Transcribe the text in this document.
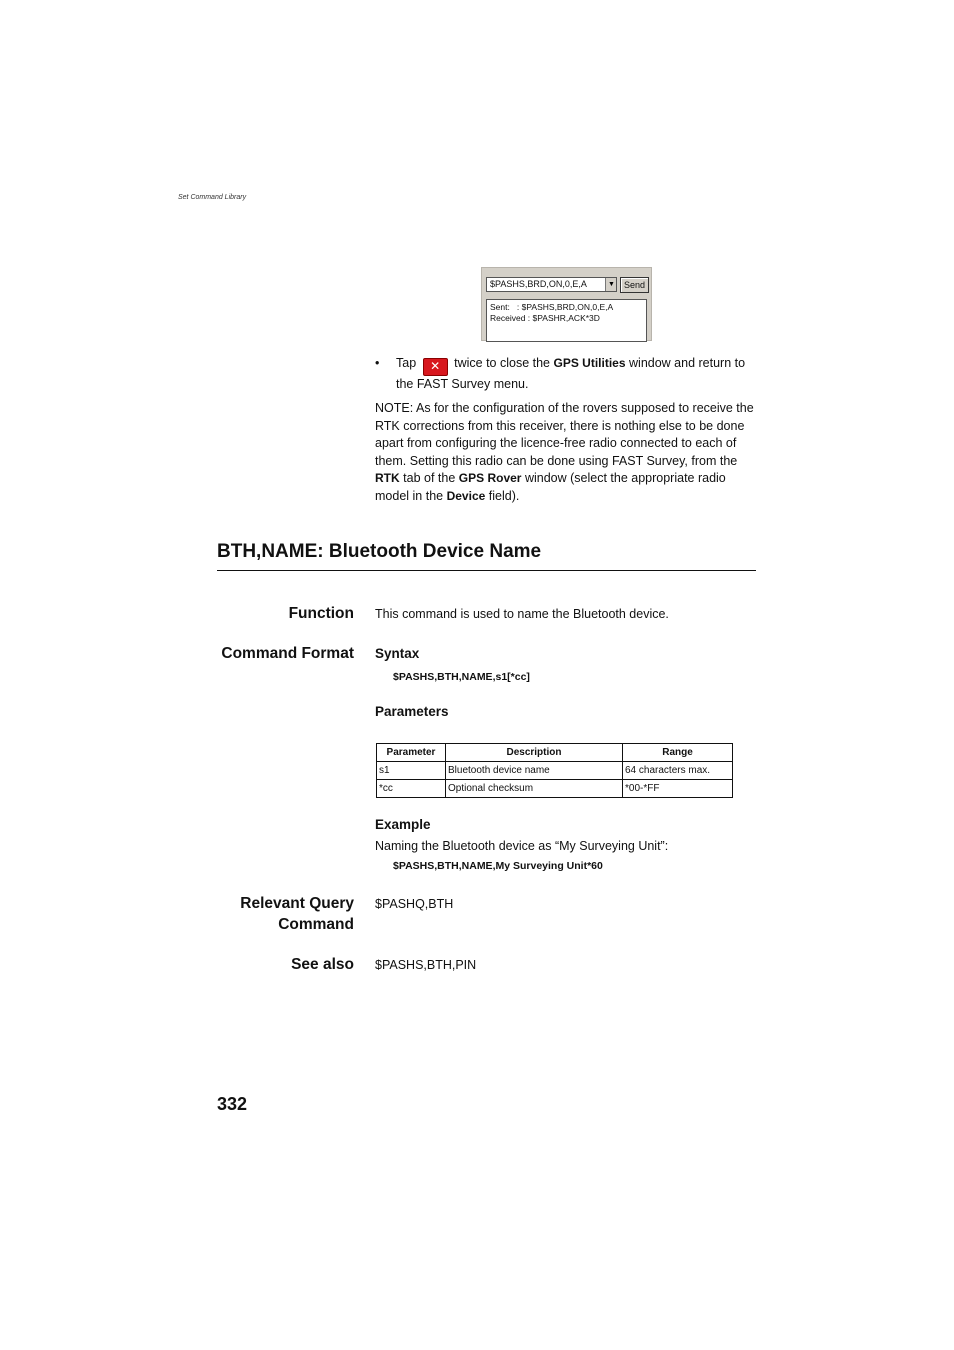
Set Command Library
$PASHS,BRD,ON,0,E,A	▼	Send
Sent:   : $PASHS,BRD,ON,0,E,A
Received : $PASHR,ACK*3D
• Tap ✕ twice to close the GPS Utilities window and return to the FAST Survey menu.
NOTE: As for the configuration of the rovers supposed to receive the RTK corrections from this receiver, there is nothing else to be done apart from configuring the licence-free radio connected to each of them. Setting this radio can be done using FAST Survey, from the RTK tab of the GPS Rover window (select the appropriate radio model in the Device field).
BTH,NAME: Bluetooth Device Name
Function This command is used to name the Bluetooth device.
Command Format Syntax
$PASHS,BTH,NAME,s1[*cc]
Parameters
Parameter	Description	Range
s1	Bluetooth device name	64 characters max.
*cc	Optional checksum	*00-*FF
Example
Naming the Bluetooth device as “My Surveying Unit”:
$PASHS,BTH,NAME,My Surveying Unit*60
Relevant Query
Command
$PASHQ,BTH
See also $PASHS,BTH,PIN
332
